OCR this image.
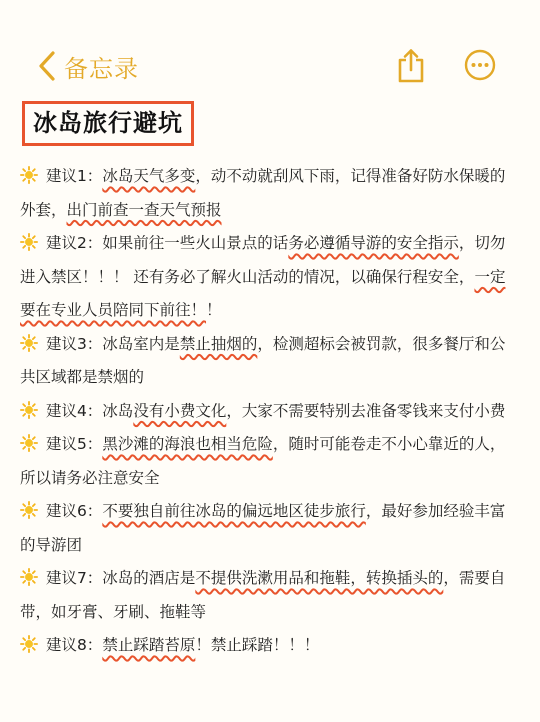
备忘录
冰岛旅行避坑

建议1：冰岛天气多变，动不动就刮风下雨，记得准备好防水保暖的外套，出门前查一查天气预报

建议2：如果前往一些火山景点的话务必遵循导游的安全指示，切勿进入禁区！！！ 还有务必了解火山活动的情况，以确保行程安全，一定要在专业人员陪同下前往！！

建议3：冰岛室内是禁止抽烟的，检测超标会被罚款，很多餐厅和公共区域都是禁烟的

建议4：冰岛没有小费文化，大家不需要特别去准备零钱来支付小费

建议5：黑沙滩的海浪也相当危险，随时可能卷走不小心靠近的人，所以请务必注意安全

建议6：不要独自前往冰岛的偏远地区徒步旅行，最好参加经验丰富的导游团

建议7：冰岛的酒店是不提供洗漱用品和拖鞋，转换插头的，需要自带，如牙膏、牙刷、拖鞋等

建议8：禁止踩踏苔原！禁止踩踏！！！
